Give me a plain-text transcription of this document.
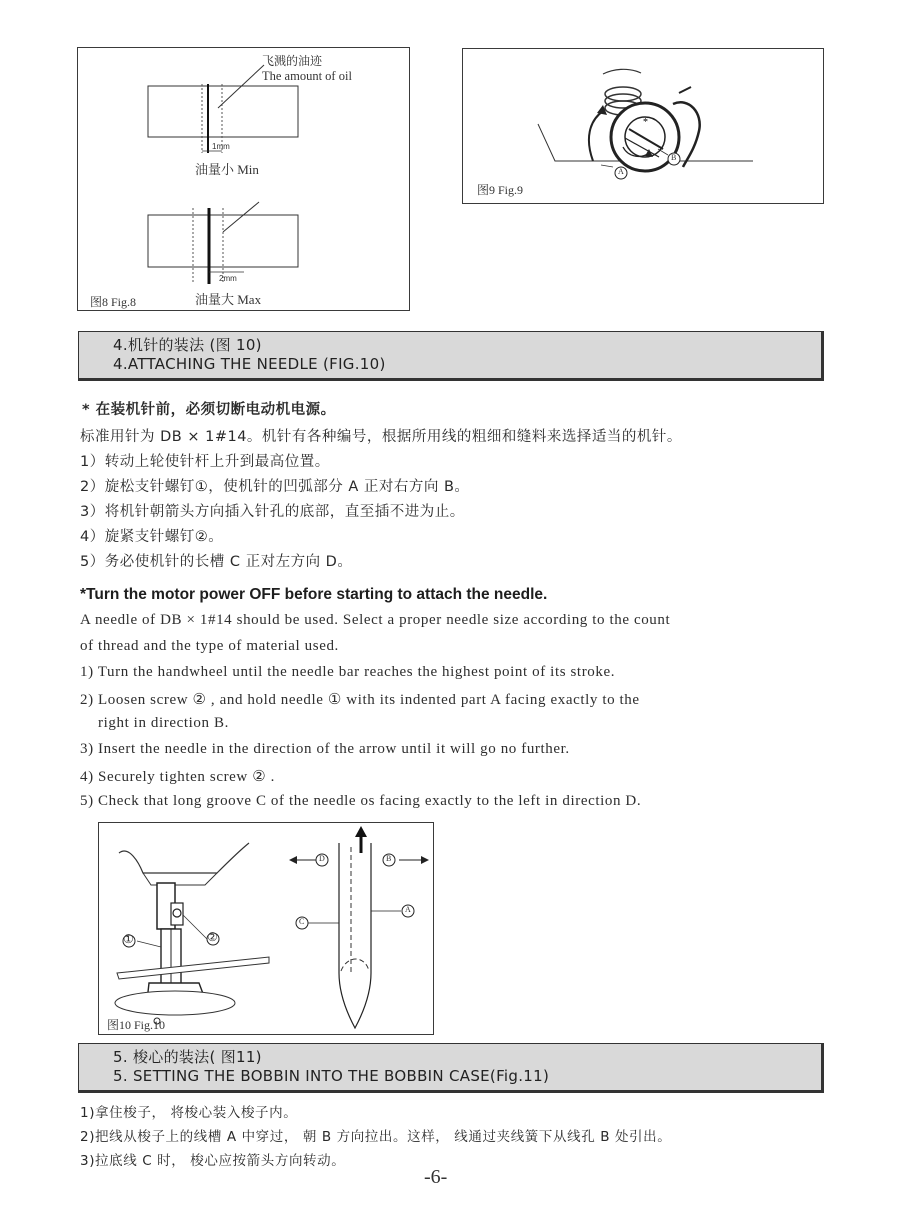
飞溅的油迹
The amount of oil
1mm
油量小 Min
2mm
油量大 Max
图8 Fig.8
*
A
B
图9 Fig.9
4.机针的装法 (图 10)
4.ATTACHING THE NEEDLE (FIG.10)
* 在装机针前，必须切断电动机电源。
标准用针为 DB × 1#14。机针有各种编号，根据所用线的粗细和缝料来选择适当的机针。
1）转动上轮使针杆上升到最高位置。
2）旋松支针螺钉①，使机针的凹弧部分 A 正对右方向 B。
3）将机针朝箭头方向插入针孔的底部，直至插不进为止。
4）旋紧支针螺钉②。
5）务必使机针的长槽 C 正对左方向 D。
*Turn the motor power OFF before starting to attach the needle.
A needle of DB × 1#14 should be used. Select a proper needle size according to the count
of thread and the type of material used.
1) Turn the handwheel until the needle bar reaches the highest point of its stroke.
2) Loosen screw ② , and hold needle ① with its indented part A facing exactly to the
right in direction B.
3) Insert the needle in the direction of the arrow until it will go no further.
4) Securely tighten screw ② .
5) Check that long groove C of the needle os facing exactly to the left in direction D.
①	②
D	B
C
A
图10 Fig.10
5. 梭心的装法( 图11)
5. SETTING THE BOBBIN INTO THE BOBBIN CASE(Fig.11)
1)拿住梭子， 将梭心装入梭子内。
2)把线从梭子上的线槽 A 中穿过， 朝 B 方向拉出。这样， 线通过夹线簧下从线孔 B 处引出。
3)拉底线 C 时， 梭心应按箭头方向转动。
-6-
